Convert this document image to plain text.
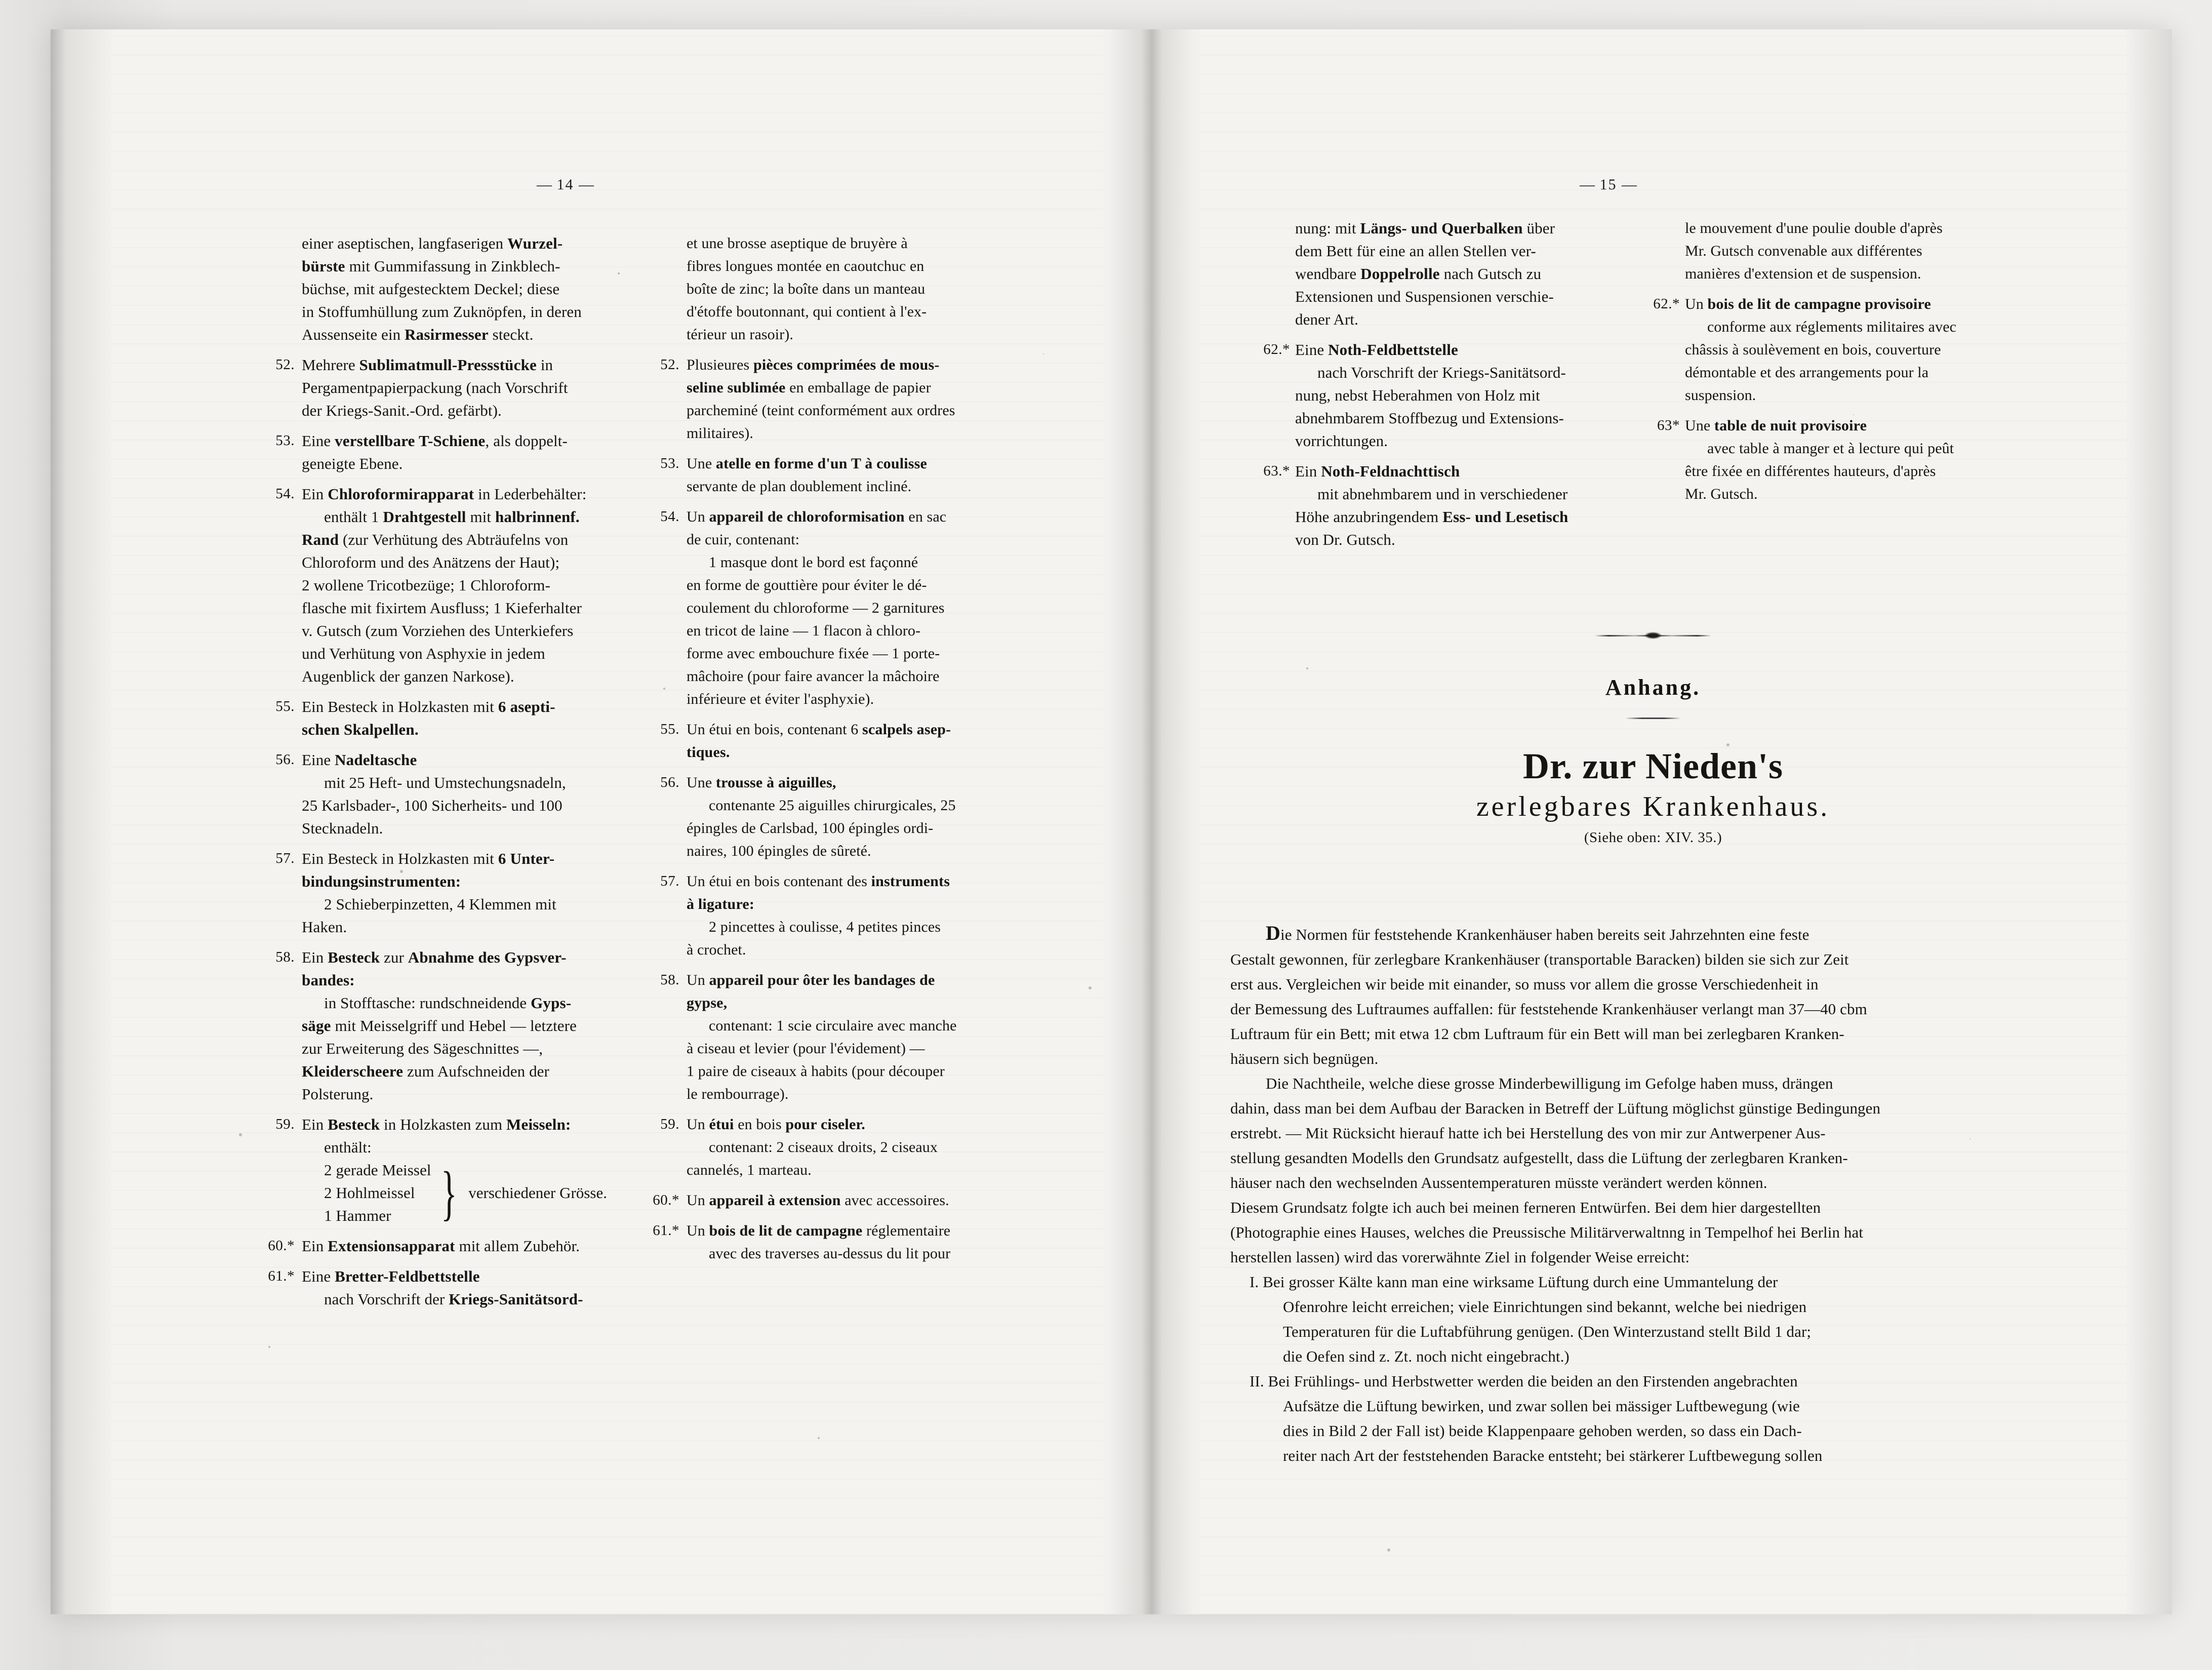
— 14 —	— 15 —
einer aseptischen, langfaserigen Wurzel-
bürste mit Gummifassung in Zinkblech-
büchse, mit aufgestecktem Deckel; diese
in Stoffumhüllung zum Zuknöpfen, in deren
Aussenseite ein Rasirmesser steckt.
52. Mehrere Sublimatmull-Pressstücke in
Pergamentpapierpackung (nach Vorschrift
der Kriegs-Sanit.-Ord. gefärbt).
53. Eine verstellbare T-Schiene, als doppelt-
geneigte Ebene.
54. Ein Chloroformirapparat in Lederbehälter:
enthält 1 Drahtgestell mit halbrinnenf.
Rand (zur Verhütung des Abträufelns von
Chloroform und des Anätzens der Haut);
2 wollene Tricotbezüge; 1 Chloroform-
flasche mit fixirtem Ausfluss; 1 Kieferhalter
v. Gutsch (zum Vorziehen des Unterkiefers
und Verhütung von Asphyxie in jedem
Augenblick der ganzen Narkose).
55. Ein Besteck in Holzkasten mit 6 asepti-
schen Skalpellen.
56. Eine Nadeltasche
mit 25 Heft- und Umstechungsnadeln,
25 Karlsbader-, 100 Sicherheits- und 100
Stecknadeln.
57. Ein Besteck in Holzkasten mit 6 Unter-
bindungsinstrumenten:
2 Schieberpinzetten, 4 Klemmen mit
Haken.
58. Ein Besteck zur Abnahme des Gypsver-
bandes:
in Stofftasche: rundschneidende Gyps-
säge mit Meisselgriff und Hebel — letztere
zur Erweiterung des Sägeschnittes —,
Kleiderscheere zum Aufschneiden der
Polsterung.
59. Ein Besteck in Holzkasten zum Meisseln:
enthält:
2 gerade Meissel
2 Hohlmeissel
1 Hammer } verschiedener Grösse.
60.* Ein Extensionsapparat mit allem Zubehör.
61.* Eine Bretter-Feldbettstelle
nach Vorschrift der Kriegs-Sanitätsord-
et une brosse aseptique de bruyère à
fibres longues montée en caoutchuc en
boîte de zinc; la boîte dans un manteau
d'étoffe boutonnant, qui contient à l'ex-
térieur un rasoir).
52. Plusieures pièces comprimées de mous-
seline sublimée en emballage de papier
parcheminé (teint conformément aux ordres
militaires).
53. Une atelle en forme d'un T à coulisse
servante de plan doublement incliné.
54. Un appareil de chloroformisation en sac
de cuir, contenant:
1 masque dont le bord est façonné
en forme de gouttière pour éviter le dé-
coulement du chloroforme — 2 garnitures
en tricot de laine — 1 flacon à chloro-
forme avec embouchure fixée — 1 porte-
mâchoire (pour faire avancer la mâchoire
inférieure et éviter l'asphyxie).
55. Un étui en bois, contenant 6 scalpels asep-
tiques.
56. Une trousse à aiguilles,
contenante 25 aiguilles chirurgicales, 25
épingles de Carlsbad, 100 épingles ordi-
naires, 100 épingles de sûreté.
57. Un étui en bois contenant des instruments
à ligature:
2 pincettes à coulisse, 4 petites pinces
à crochet.
58. Un appareil pour ôter les bandages de
gypse,
contenant: 1 scie circulaire avec manche
à ciseau et levier (pour l'évidement) —
1 paire de ciseaux à habits (pour découper
le rembourrage).
59. Un étui en bois pour ciseler.
contenant: 2 ciseaux droits, 2 ciseaux
cannelés, 1 marteau.
60.* Un appareil à extension avec accessoires.
61.* Un bois de lit de campagne réglementaire
avec des traverses au-dessus du lit pour
nung: mit Längs- und Querbalken über
dem Bett für eine an allen Stellen ver-
wendbare Doppelrolle nach Gutsch zu
Extensionen und Suspensionen verschie-
dener Art.
62.* Eine Noth-Feldbettstelle
nach Vorschrift der Kriegs-Sanitätsord-
nung, nebst Heberahmen von Holz mit
abnehmbarem Stoffbezug und Extensions-
vorrichtungen.
63.* Ein Noth-Feldnachttisch
mit abnehmbarem und in verschiedener
Höhe anzubringendem Ess- und Lesetisch
von Dr. Gutsch.
le mouvement d'une poulie double d'après
Mr. Gutsch convenable aux différentes
manières d'extension et de suspension.
62.* Un bois de lit de campagne provisoire
conforme aux réglements militaires avec
châssis à soulèvement en bois, couverture
démontable et des arrangements pour la
suspension.
63* Une table de nuit provisoire
avec table à manger et à lecture qui peût
être fixée en différentes hauteurs, d'après
Mr. Gutsch.
Anhang.
Dr. zur Nieden's
zerlegbares Krankenhaus.
(Siehe oben: XIV. 35.)
Die Normen für feststehende Krankenhäuser haben bereits seit Jahrzehnten eine feste
Gestalt gewonnen, für zerlegbare Krankenhäuser (transportable Baracken) bilden sie sich zur Zeit
erst aus. Vergleichen wir beide mit einander, so muss vor allem die grosse Verschiedenheit in
der Bemessung des Luftraumes auffallen: für feststehende Krankenhäuser verlangt man 37—40 cbm
Luftraum für ein Bett; mit etwa 12 cbm Luftraum für ein Bett will man bei zerlegbaren Kranken-
häusern sich begnügen.
Die Nachtheile, welche diese grosse Minderbewilligung im Gefolge haben muss, drängen
dahin, dass man bei dem Aufbau der Baracken in Betreff der Lüftung möglichst günstige Bedingungen
erstrebt. — Mit Rücksicht hierauf hatte ich bei Herstellung des von mir zur Antwerpener Aus-
stellung gesandten Modells den Grundsatz aufgestellt, dass die Lüftung der zerlegbaren Kranken-
häuser nach den wechselnden Aussentemperaturen müsste verändert werden können.
Diesem Grundsatz folgte ich auch bei meinen ferneren Entwürfen. Bei dem hier dargestellten
(Photographie eines Hauses, welches die Preussische Militärverwaltnng in Tempelhof hei Berlin hat
herstellen lassen) wird das vorerwähnte Ziel in folgender Weise erreicht:
I. Bei grosser Kälte kann man eine wirksame Lüftung durch eine Ummantelung der
Ofenrohre leicht erreichen; viele Einrichtungen sind bekannt, welche bei niedrigen
Temperaturen für die Luftabführung genügen. (Den Winterzustand stellt Bild 1 dar;
die Oefen sind z. Zt. noch nicht eingebracht.)
II. Bei Frühlings- und Herbstwetter werden die beiden an den Firstenden angebrachten
Aufsätze die Lüftung bewirken, und zwar sollen bei mässiger Luftbewegung (wie
dies in Bild 2 der Fall ist) beide Klappenpaare gehoben werden, so dass ein Dach-
reiter nach Art der feststehenden Baracke entsteht; bei stärkerer Luftbewegung sollen
